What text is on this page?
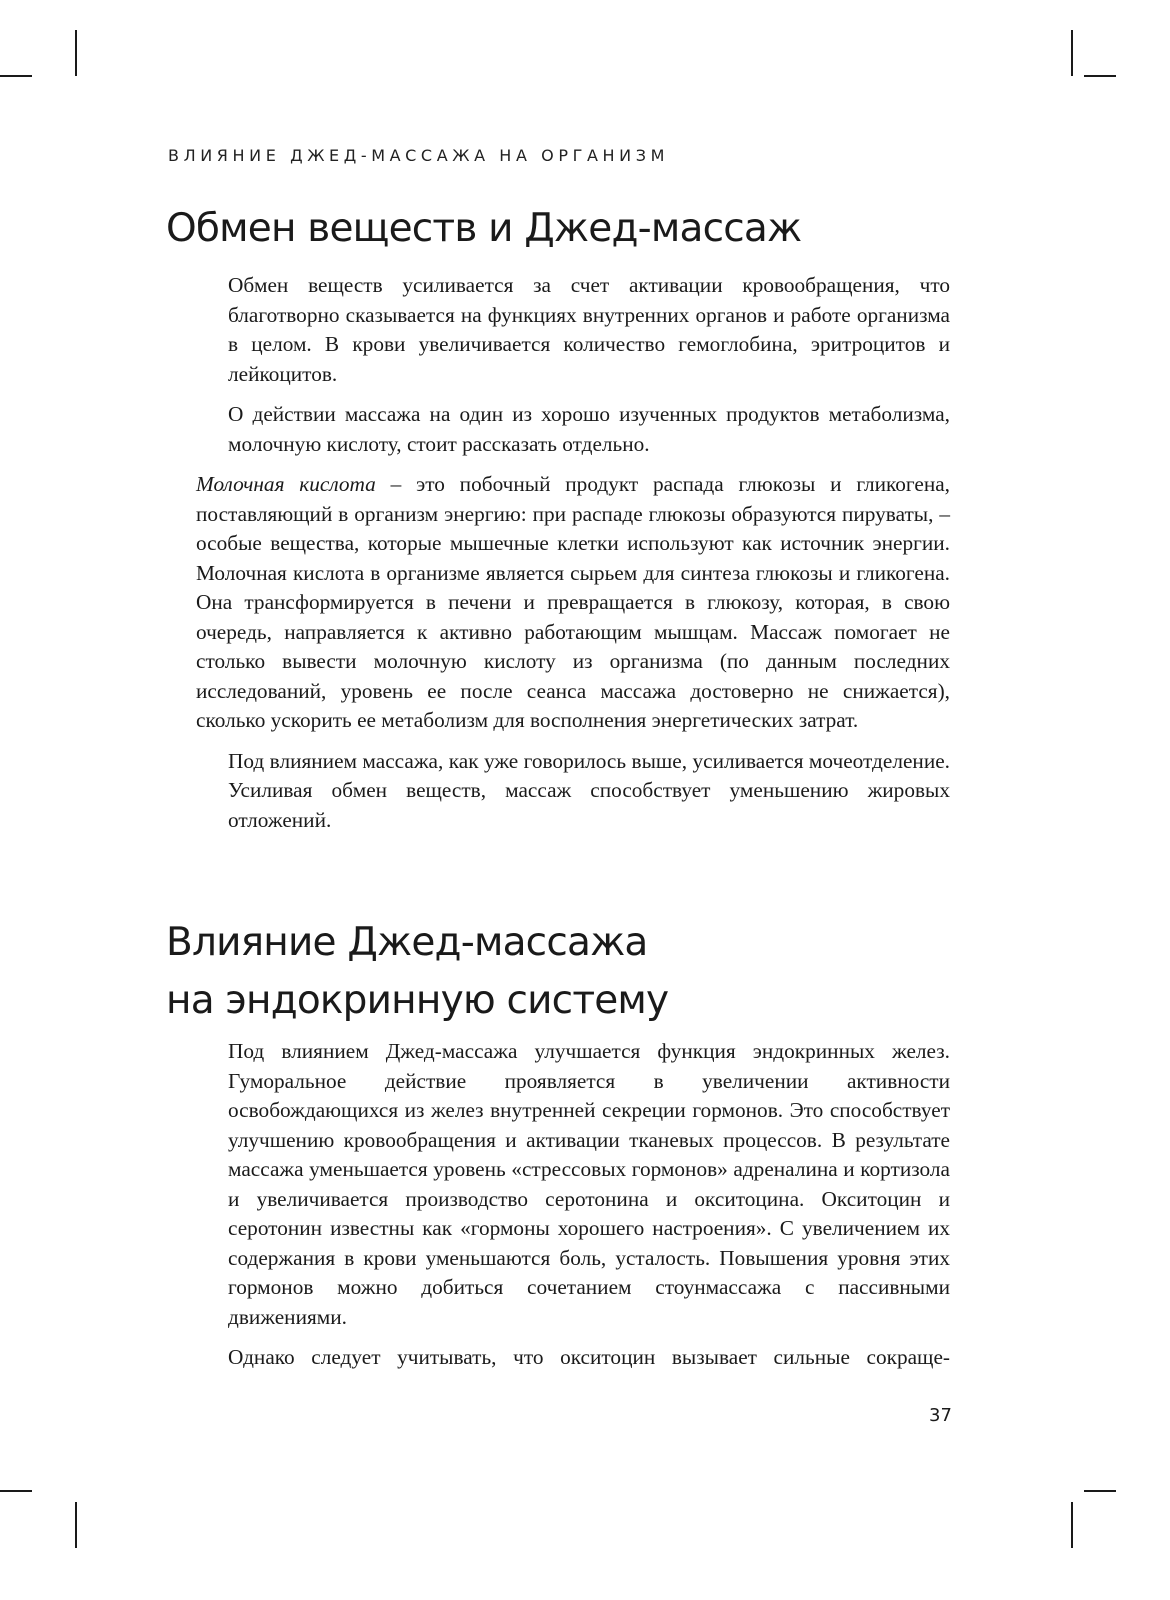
ВЛИЯНИЕ ДЖЕД-МАССАЖА НА ОРГАНИЗМ
Обмен веществ и Джед-массаж

Обмен веществ усиливается за счет активации кровообращения, что благотворно сказывается на функциях внутренних органов и работе организма в целом. В крови увеличивается количество гемоглобина, эритроцитов и лейкоцитов.

О действии массажа на один из хорошо изученных продуктов метаболизма, молочную кислоту, стоит рассказать отдельно.

Молочная кислота – это побочный продукт распада глюкозы и гликогена, поставляющий в организм энергию: при распаде глюкозы образуются пируваты, – особые вещества, которые мышечные клетки используют как источник энергии. Молочная кислота в организме является сырьем для синтеза глюкозы и гликогена. Она трансформируется в печени и превращается в глюкозу, которая, в свою очередь, направляется к активно работающим мышцам. Массаж помогает не столько вывести молочную кислоту из организма (по данным последних исследований, уровень ее после сеанса массажа достоверно не снижается), сколько ускорить ее метаболизм для восполнения энергетических затрат.

Под влиянием массажа, как уже говорилось выше, усиливается мочеотделение. Усиливая обмен веществ, массаж способствует уменьшению жировых отложений.

Влияние Джед-массажа
на эндокринную систему

Под влиянием Джед-массажа улучшается функция эндокринных желез. Гуморальное действие проявляется в увеличении активности освобождающихся из желез внутренней секреции гормонов. Это способствует улучшению кровообращения и активации тканевых процессов. В результате массажа уменьшается уровень «стрессовых гормонов» адреналина и кортизола и увеличивается производство серотонина и окситоцина. Окситоцин и серотонин известны как «гормоны хорошего настроения». С увеличением их содержания в крови уменьшаются боль, усталость. Повышения уровня этих гормонов можно добиться сочетанием стоунмассажа с пассивными движениями.

Однако следует учитывать, что окситоцин вызывает сильные сокраще-

37
